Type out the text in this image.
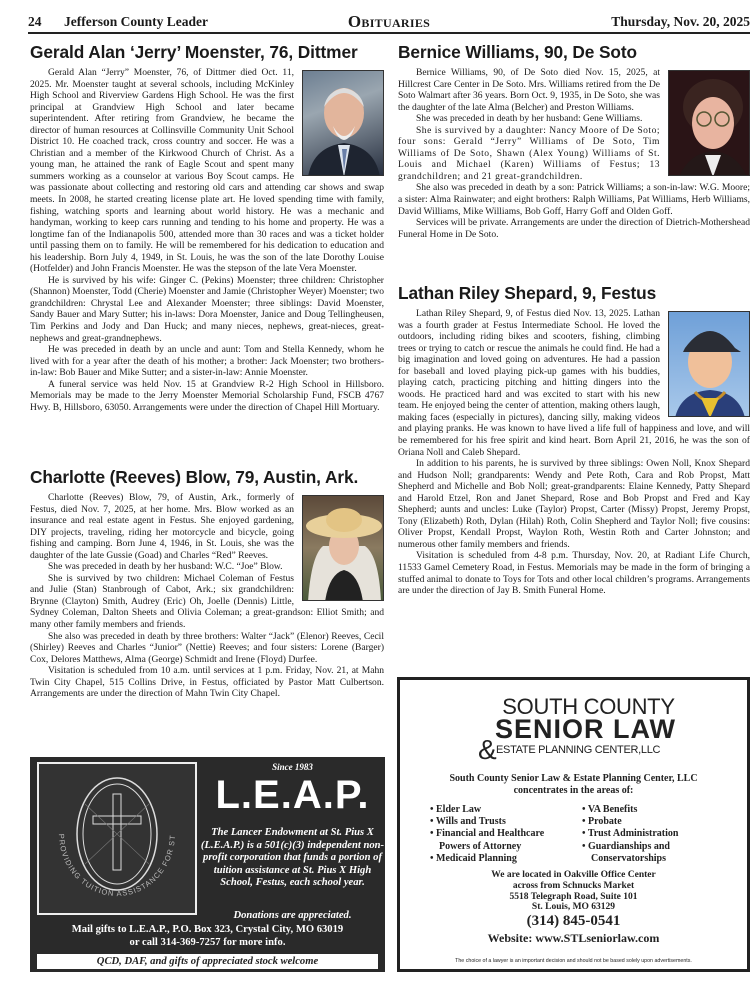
24 Jefferson County Leader	Obituaries	Thursday, Nov. 20, 2025
Gerald Alan ‘Jerry’ Moenster, 76, Dittmer

Gerald Alan “Jerry” Moenster, 76, of Dittmer died Oct. 11, 2025. Mr. Moenster taught at several schools, including McKinley High School and Riverview Gardens High School. He was the first principal at Grandview High School and later became superintendent. After retiring from Grandview, he became the director of human resources at Collinsville Community Unit School District 10. He coached track, cross country and soccer. He was a Christian and a member of the Kirkwood Church of Christ. As a young man, he attained the rank of Eagle Scout and spent many summers working as a counselor at various Boy Scout camps. He was passionate about collecting and restoring old cars and attending car shows and swap meets. In 2008, he started creating license plate art. He loved spending time with family, fishing, watching sports and learning about world history. He was a mechanic and handyman, working to keep cars running and tending to his home and property. He was a longtime fan of the Indianapolis 500, attended more than 30 races and was a ticket holder until passing them on to family. He will be remembered for his dedication to education and his leadership. Born July 4, 1949, in St. Louis, he was the son of the late Dorothy Louise (Hotfelder) and John Francis Moenster. He was the stepson of the late Vera Moenster.

He is survived by his wife: Ginger C. (Pekins) Moenster; three children: Christopher (Shannon) Moenster, Todd (Cherie) Moenster and Jamie (Christopher Weyer) Moenster; two grandchildren: Chrystal Lee and Alexander Moenster; three siblings: David Moenster, Sandy Bauer and Mary Sutter; his in-laws: Dora Moenster, Janice and Doug Tellingheusen, Tim Perkins and Jody and Dan Huck; and many nieces, nephews, great-nieces, great-nephews and great-grandnephews.

He was preceded in death by an uncle and aunt: Tom and Stella Kennedy, whom he lived with for a year after the death of his mother; a brother: Jack Moenster; two brothers-in-law: Bob Bauer and Mike Sutter; and a sister-in-law: Annie Moenster.

A funeral service was held Nov. 15 at Grandview R-2 High School in Hillsboro. Memorials may be made to the Jerry Moenster Memorial Scholarship Fund, FSCB 4767 Hwy. B, Hillsboro, 63050. Arrangements were under the direction of Chapel Hill Mortuary.

Charlotte (Reeves) Blow, 79, Austin, Ark.

Charlotte (Reeves) Blow, 79, of Austin, Ark., formerly of Festus, died Nov. 7, 2025, at her home. Mrs. Blow worked as an insurance and real estate agent in Festus. She enjoyed gardening, DIY projects, traveling, riding her motorcycle and bicycle, going fishing and camping. Born June 4, 1946, in St. Louis, she was the daughter of the late Gussie (Goad) and Charles “Red” Reeves.

She was preceded in death by her husband: W.C. “Joe” Blow.

She is survived by two children: Michael Coleman of Festus and Julie (Stan) Stanbrough of Cabot, Ark.; six grandchildren: Brynne (Clayton) Smith, Audrey (Eric) Oh, Joelle (Dennis) Little, Sydney Coleman, Dalton Sheets and Olivia Coleman; a great-grandson: Elliot Smith; and many other family members and friends.

She also was preceded in death by three brothers: Walter “Jack” (Elenor) Reeves, Cecil (Shirley) Reeves and Charles “Junior” (Nettie) Reeves; and four sisters: Lorene (Barger) Cox, Delores Matthews, Alma (George) Schmidt and Irene (Floyd) Durfee.

Visitation is scheduled from 10 a.m. until services at 1 p.m. Friday, Nov. 21, at Mahn Twin City Chapel, 515 Collins Drive, in Festus, officiated by Pastor Matt Culbertson. Arrangements are under the direction of Mahn Twin City Chapel.

Bernice Williams, 90, De Soto

Bernice Williams, 90, of De Soto died Nov. 15, 2025, at Hillcrest Care Center in De Soto. Mrs. Williams retired from the De Soto Walmart after 36 years. Born Oct. 9, 1935, in De Soto, she was the daughter of the late Alma (Belcher) and Preston Williams.

She was preceded in death by her husband: Gene Williams.

She is survived by a daughter: Nancy Moore of De Soto; four sons: Gerald “Jerry” Williams of De Soto, Tim Williams of De Soto, Shawn (Alex Young) Williams of St. Louis and Michael (Karen) Williams of Festus; 13 grandchildren; and 21 great-grandchildren.

She also was preceded in death by a son: Patrick Williams; a son-in-law: W.G. Moore; a sister: Alma Rainwater; and eight brothers: Ralph Williams, Pat Williams, Herb Williams, David Williams, Mike Williams, Bob Goff, Harry Goff and Olden Goff.

Services will be private. Arrangements are under the direction of Dietrich-Mothershead Funeral Home in De Soto.

Lathan Riley Shepard, 9, Festus

Lathan Riley Shepard, 9, of Festus died Nov. 13, 2025. Lathan was a fourth grader at Festus Intermediate School. He loved the outdoors, including riding bikes and scooters, fishing, climbing trees or trying to catch or rescue the animals he could find. He had a big imagination and loved going on adventures. He had a passion for baseball and loved playing pick-up games with his buddies, playing catch, practicing pitching and hitting dingers into the woods. He practiced hard and was excited to start with his new team. He enjoyed being the center of attention, making others laugh, making faces (especially in pictures), dancing silly, making videos and playing pranks. He was known to have lived a life full of happiness and love, and will be remembered for his free spirit and kind heart. Born April 21, 2016, he was the son of Oriana Noll and Caleb Shepard.

In addition to his parents, he is survived by three siblings: Owen Noll, Knox Shepard and Hudson Noll; grandparents: Wendy and Pete Roth, Cara and Rob Propst, Matt Shepherd and Michelle and Bob Noll; great-grandparents: Elaine Kennedy, Patty Shepard and Harold Etzel, Ron and Janet Shepard, Rose and Bob Propst and Fred and Kay Shepherd; aunts and uncles: Luke (Taylor) Propst, Carter (Missy) Propst, Jeremy Propst, Tony (Elizabeth) Roth, Dylan (Hilah) Roth, Colin Shepherd and Taylor Noll; five cousins: Oliver Propst, Kendall Propst, Waylon Roth, Westin Roth and Carter Johnston; and numerous other family members and friends.

Visitation is scheduled from 4-8 p.m. Thursday, Nov. 20, at Radiant Life Church, 11533 Gamel Cemetery Road, in Festus. Memorials may be made in the form of bringing a stuffed animal to donate to Toys for Tots and other local children’s programs. Arrangements are under the direction of Jay B. Smith Funeral Home.

PROVIDING TUITION ASSISTANCE FOR ST
Since 1983
L.E.A.P.
The Lancer Endowment at St. Pius X (L.E.A.P.) is a 501(c)(3) independent non-profit corporation that funds a portion of tuition assistance at St. Pius X High School, Festus, each school year.
Donations are appreciated.
Mail gifts to L.E.A.P., P.O. Box 323, Crystal City, MO 63019
or call 314-369-7257 for more info.
QCD, DAF, and gifts of appreciated stock welcome
SOUTH COUNTY
SENIOR LAW
& ESTATE PLANNING CENTER,LLC
South County Senior Law & Estate Planning Center, LLC
concentrates in the areas of:
• Elder Law
• Wills and Trusts
• Financial and Healthcare
Powers of Attorney
• Medicaid Planning
• VA Benefits
• Probate
• Trust Administration
• Guardianships and
Conservatorships
We are located in Oakville Office Center
across from Schnucks Market
5518 Telegraph Road, Suite 101
St. Louis, MO 63129
(314) 845-0541
Website: www.STLseniorlaw.com
The choice of a lawyer is an important decision and should not be based solely upon advertisements.
